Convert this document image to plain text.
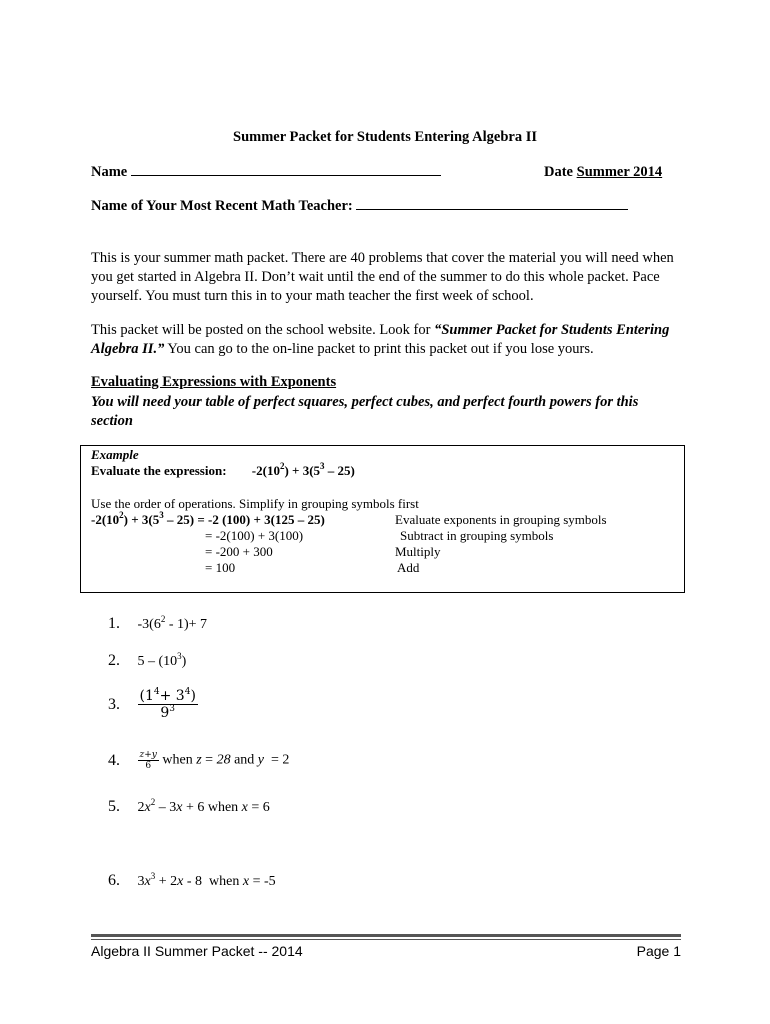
Summer Packet for Students Entering Algebra II
Name	Date Summer 2014
Name of Your Most Recent Math Teacher:
This is your summer math packet. There are 40 problems that cover the material you will need when you get started in Algebra II. Don’t wait until the end of the summer to do this whole packet. Pace yourself. You must turn this in to your math teacher the first week of school.
This packet will be posted on the school website. Look for “Summer Packet for Students Entering Algebra II.” You can go to the on-line packet to print this packet out if you lose yours.
Evaluating Expressions with Exponents
You will need your table of perfect squares, perfect cubes, and perfect fourth powers for this section
Example
Evaluate the expression: $-2(10^2) + 3(5^3 - 25)$
Use the order of operations. Simplify in grouping symbols first
$-2(10^2) + 3(5^3 - 25) = -2$ (100) + 3(125 – 25)
= -2(100) + 3(100)
= -200 + 300
= 100
Evaluate exponents in grouping symbols
Subtract in grouping symbols
Multiply
Add
1. $-3(6^2 - 1)+ 7$
2. $5 - (10^3)$
3. $\frac{(1^4+ 3^4)}{9^3}$
4. $\frac{z+y}{6}$ when z = 28 and y  = 2
5. $2x^2 - 3x + 6$ when x = 6
6. $3x^3 + 2x - 8$  when x = -5
Algebra II Summer Packet -- 2014	Page 1
